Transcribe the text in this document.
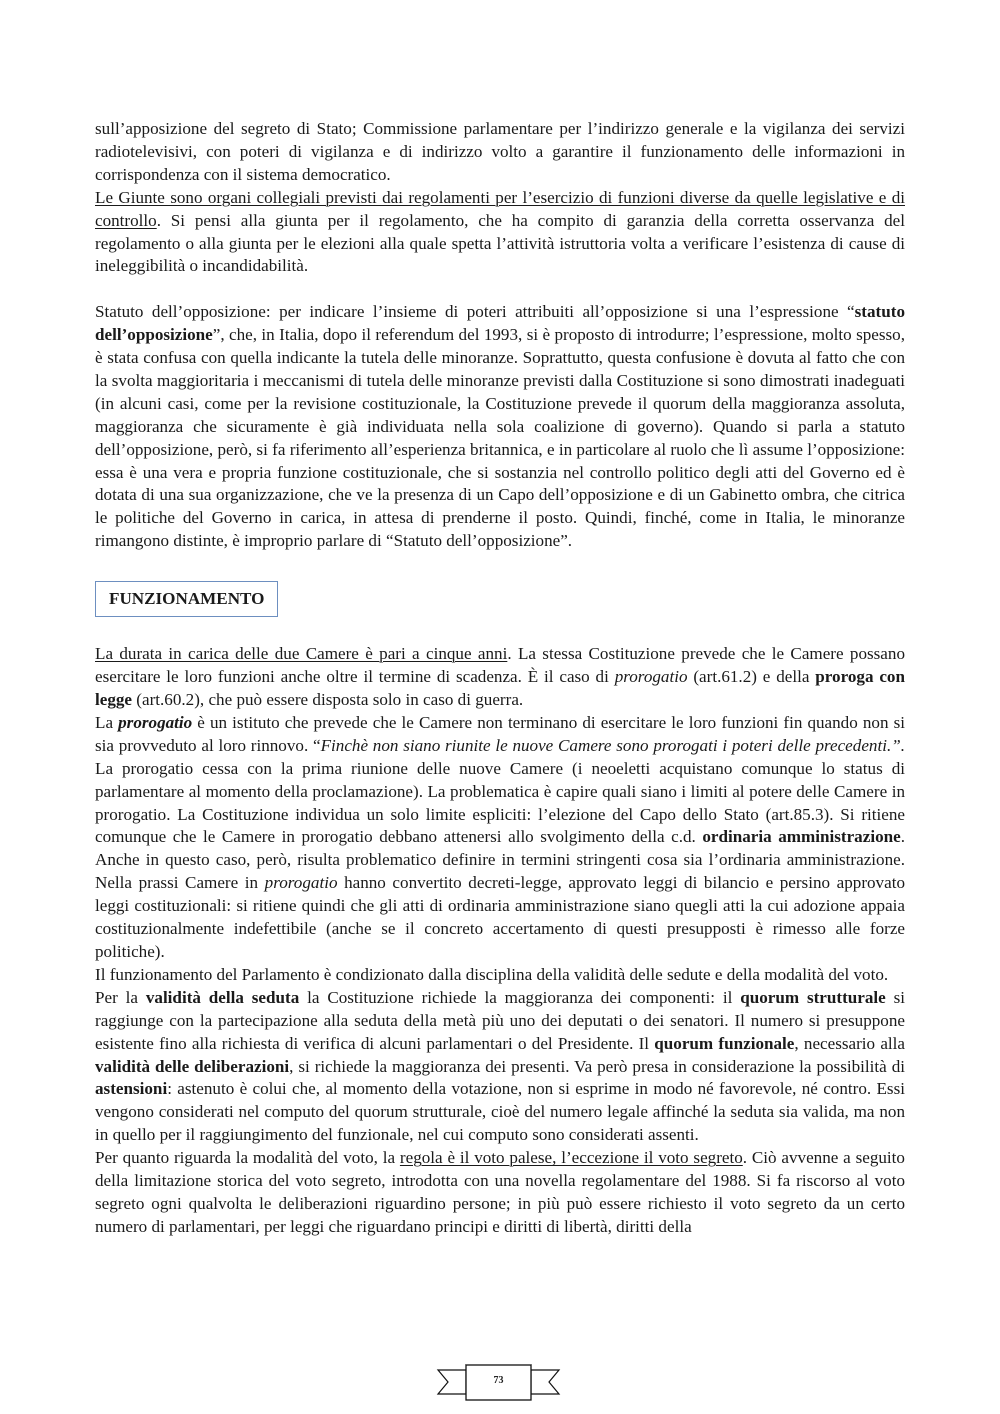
sull’apposizione del segreto di Stato; Commissione parlamentare per l’indirizzo generale e la vigilanza dei servizi radiotelevisivi, con poteri di vigilanza e di indirizzo volto a garantire il funzionamento delle informazioni in corrispondenza con il sistema democratico.

Le Giunte sono organi collegiali previsti dai regolamenti per l’esercizio di funzioni diverse da quelle legislative e di controllo. Si pensi alla giunta per il regolamento, che ha compito di garanzia della corretta osservanza del regolamento o alla giunta per le elezioni alla quale spetta l’attività istruttoria volta a verificare l’esistenza di cause di ineleggibilità o incandidabilità.

Statuto dell’opposizione: per indicare l’insieme di poteri attribuiti all’opposizione si una l’espressione “statuto dell’opposizione”, che, in Italia, dopo il referendum del 1993, si è proposto di introdurre; l’espressione, molto spesso, è stata confusa con quella indicante la tutela delle minoranze. Soprattutto, questa confusione è dovuta al fatto che con la svolta maggioritaria i meccanismi di tutela delle minoranze previsti dalla Costituzione si sono dimostrati inadeguati (in alcuni casi, come per la revisione costituzionale, la Costituzione prevede il quorum della maggioranza assoluta, maggioranza che sicuramente è già individuata nella sola coalizione di governo). Quando si parla a statuto dell’opposizione, però, si fa riferimento all’esperienza britannica, e in particolare al ruolo che lì assume l’opposizione: essa è una vera e propria funzione costituzionale, che si sostanzia nel controllo politico degli atti del Governo ed è dotata di una sua organizzazione, che ve la presenza di un Capo dell’opposizione e di un Gabinetto ombra, che citrica le politiche del Governo in carica, in attesa di prenderne il posto. Quindi, finché, come in Italia, le minoranze rimangono distinte, è improprio parlare di “Statuto dell’opposizione”.

FUNZIONAMENTO

La durata in carica delle due Camere è pari a cinque anni. La stessa Costituzione prevede che le Camere possano esercitare le loro funzioni anche oltre il termine di scadenza. È il caso di prorogatio (art.61.2) e della proroga con legge (art.60.2), che può essere disposta solo in caso di guerra.

La prorogatio è un istituto che prevede che le Camere non terminano di esercitare le loro funzioni fin quando non si sia provveduto al loro rinnovo. “Finchè non siano riunite le nuove Camere sono prorogati i poteri delle precedenti.”. La prorogatio cessa con la prima riunione delle nuove Camere (i neoeletti acquistano comunque lo status di parlamentare al momento della proclamazione). La problematica è capire quali siano i limiti al potere delle Camere in prorogatio. La Costituzione individua un solo limite espliciti: l’elezione del Capo dello Stato (art.85.3). Si ritiene comunque che le Camere in prorogatio debbano attenersi allo svolgimento della c.d. ordinaria amministrazione. Anche in questo caso, però, risulta problematico definire in termini stringenti cosa sia l’ordinaria amministrazione. Nella prassi Camere in prorogatio hanno convertito decreti-legge, approvato leggi di bilancio e persino approvato leggi costituzionali: si ritiene quindi che gli atti di ordinaria amministrazione siano quegli atti la cui adozione appaia costituzionalmente indefettibile (anche se il concreto accertamento di questi presupposti è rimesso alle forze politiche).

Il funzionamento del Parlamento è condizionato dalla disciplina della validità delle sedute e della modalità del voto.

Per la validità della seduta la Costituzione richiede la maggioranza dei componenti: il quorum strutturale si raggiunge con la partecipazione alla seduta della metà più uno dei deputati o dei senatori. Il numero si presuppone esistente fino alla richiesta di verifica di alcuni parlamentari o del Presidente. Il quorum funzionale, necessario alla validità delle deliberazioni, si richiede la maggioranza dei presenti. Va però presa in considerazione la possibilità di astensioni: astenuto è colui che, al momento della votazione, non si esprime in modo né favorevole, né contro. Essi vengono considerati nel computo del quorum strutturale, cioè del numero legale affinché la seduta sia valida, ma non in quello per il raggiungimento del funzionale, nel cui computo sono considerati assenti.

Per quanto riguarda la modalità del voto, la regola è il voto palese, l’eccezione il voto segreto. Ciò avvenne a seguito della limitazione storica del voto segreto, introdotta con una novella regolamentare del 1988. Si fa riscorso al voto segreto ogni qualvolta le deliberazioni riguardino persone; in più può essere richiesto il voto segreto da un certo numero di parlamentari, per leggi che riguardano principi e diritti di libertà, diritti della

73
